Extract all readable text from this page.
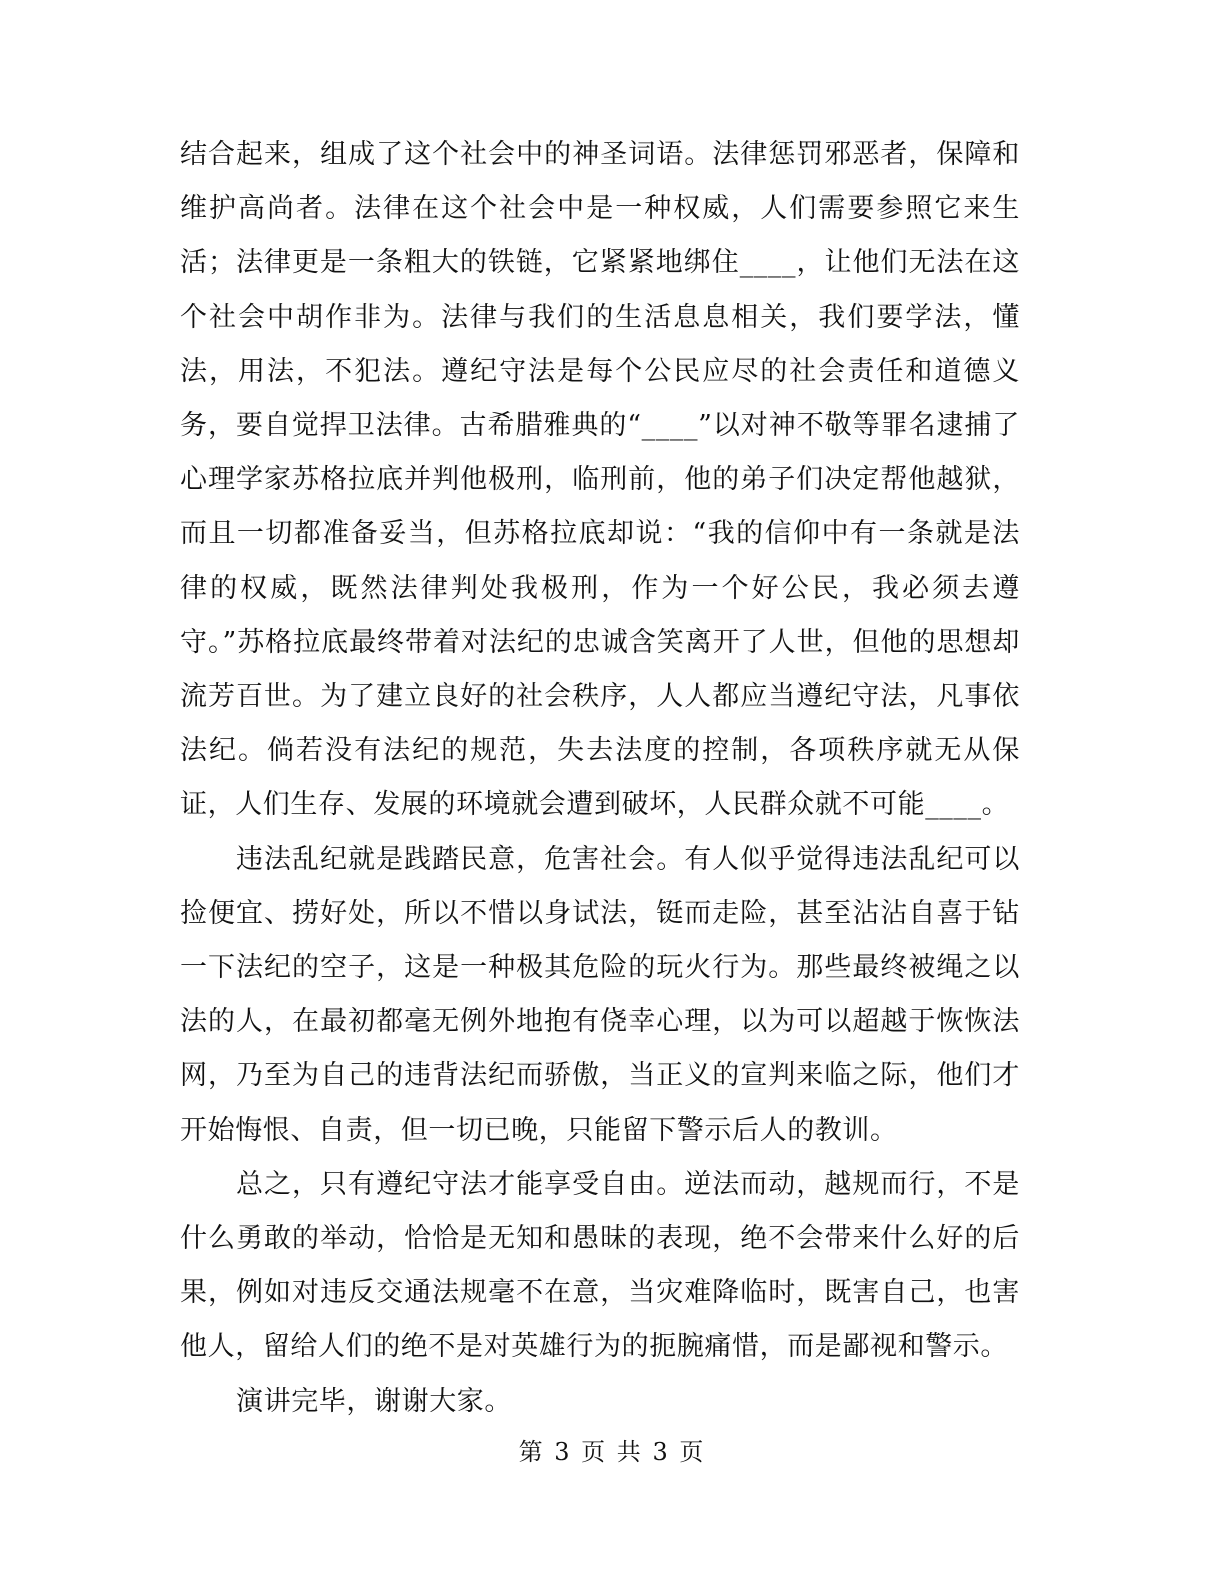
结合起来，组成了这个社会中的神圣词语。法律惩罚邪恶者，保障和维护高尚者。法律在这个社会中是一种权威，人们需要参照它来生活；法律更是一条粗大的铁链，它紧紧地绑住____，让他们无法在这个社会中胡作非为。法律与我们的生活息息相关，我们要学法，懂法，用法，不犯法。遵纪守法是每个公民应尽的社会责任和道德义务，要自觉捍卫法律。古希腊雅典的“____”以对神不敬等罪名逮捕了心理学家苏格拉底并判他极刑，临刑前，他的弟子们决定帮他越狱，而且一切都准备妥当，但苏格拉底却说：“我的信仰中有一条就是法律的权威，既然法律判处我极刑，作为一个好公民，我必须去遵守。”苏格拉底最终带着对法纪的忠诚含笑离开了人世，但他的思想却流芳百世。为了建立良好的社会秩序，人人都应当遵纪守法，凡事依法纪。倘若没有法纪的规范，失去法度的控制，各项秩序就无从保证，人们生存、发展的环境就会遭到破坏，人民群众就不可能____。

违法乱纪就是践踏民意，危害社会。有人似乎觉得违法乱纪可以捡便宜、捞好处，所以不惜以身试法，铤而走险，甚至沾沾自喜于钻一下法纪的空子，这是一种极其危险的玩火行为。那些最终被绳之以法的人，在最初都毫无例外地抱有侥幸心理，以为可以超越于恢恢法网，乃至为自己的违背法纪而骄傲，当正义的宣判来临之际，他们才开始悔恨、自责，但一切已晚，只能留下警示后人的教训。

总之，只有遵纪守法才能享受自由。逆法而动，越规而行，不是什么勇敢的举动，恰恰是无知和愚昧的表现，绝不会带来什么好的后果，例如对违反交通法规毫不在意，当灾难降临时，既害自己，也害他人，留给人们的绝不是对英雄行为的扼腕痛惜，而是鄙视和警示。

演讲完毕，谢谢大家。

第 3 页 共 3 页
